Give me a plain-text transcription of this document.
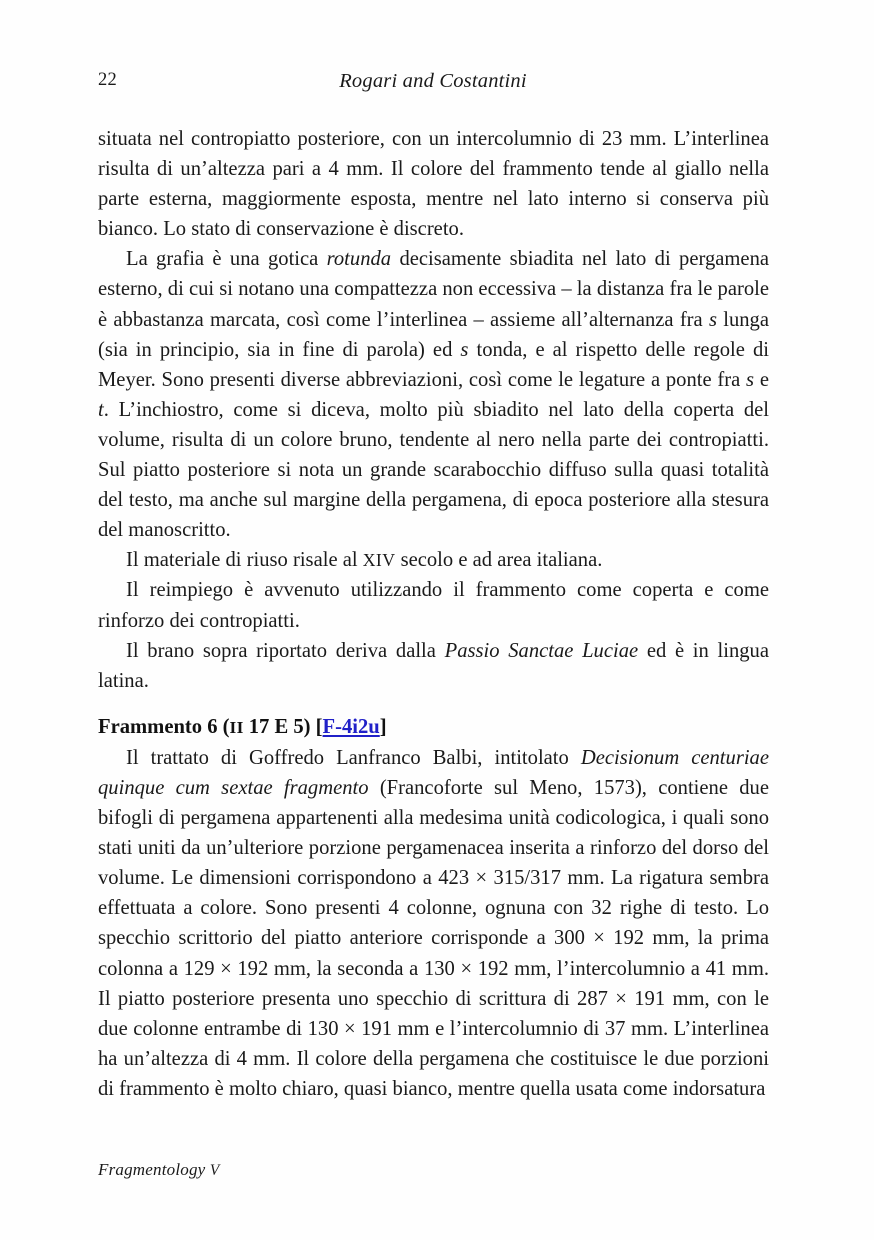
22	Rogari and Costantini

situata nel contropiatto posteriore, con un intercolumnio di 23 mm. L’interlinea risulta di un’altezza pari a 4 mm. Il colore del frammento tende al giallo nella parte esterna, maggiormente esposta, mentre nel lato interno si conserva più bianco. Lo stato di conservazione è discreto.

La grafia è una gotica rotunda decisamente sbiadita nel lato di pergamena esterno, di cui si notano una compattezza non eccessiva – la distanza fra le parole è abbastanza marcata, così come l’interlinea – assieme all’alternanza fra s lunga (sia in principio, sia in fine di parola) ed s tonda, e al rispetto delle regole di Meyer. Sono presenti diverse abbreviazioni, così come le legature a ponte fra s e t. L’inchiostro, come si diceva, molto più sbiadito nel lato della coperta del volume, risulta di un colore bruno, tendente al nero nella parte dei contropiatti. Sul piatto posteriore si nota un grande scarabocchio diffuso sulla quasi totalità del testo, ma anche sul margine della pergamena, di epoca posteriore alla stesura del manoscritto.

Il materiale di riuso risale al XIV secolo e ad area italiana.

Il reimpiego è avvenuto utilizzando il frammento come coperta e come rinforzo dei contropiatti.

Il brano sopra riportato deriva dalla Passio Sanctae Luciae ed è in lingua latina.

Frammento 6 (II 17 E 5) [F-4i2u]

Il trattato di Goffredo Lanfranco Balbi, intitolato Decisionum centuriae quinque cum sextae fragmento (Francoforte sul Meno, 1573), contiene due bifogli di pergamena appartenenti alla medesima unità codicologica, i quali sono stati uniti da un’ulteriore porzione pergamenacea inserita a rinforzo del dorso del volume. Le dimensioni corrispondono a 423 × 315/317 mm. La rigatura sembra effettuata a colore. Sono presenti 4 colonne, ognuna con 32 righe di testo. Lo specchio scrittorio del piatto anteriore corrisponde a 300 × 192 mm, la prima colonna a 129 × 192 mm, la seconda a 130 × 192 mm, l’intercolumnio a 41 mm. Il piatto posteriore presenta uno specchio di scrittura di 287 × 191 mm, con le due colonne entrambe di 130 × 191 mm e l’intercolumnio di 37 mm. L’interlinea ha un’altezza di 4 mm. Il colore della pergamena che costituisce le due porzioni di frammento è molto chiaro, quasi bianco, mentre quella usata come indorsatura

Fragmentology V
